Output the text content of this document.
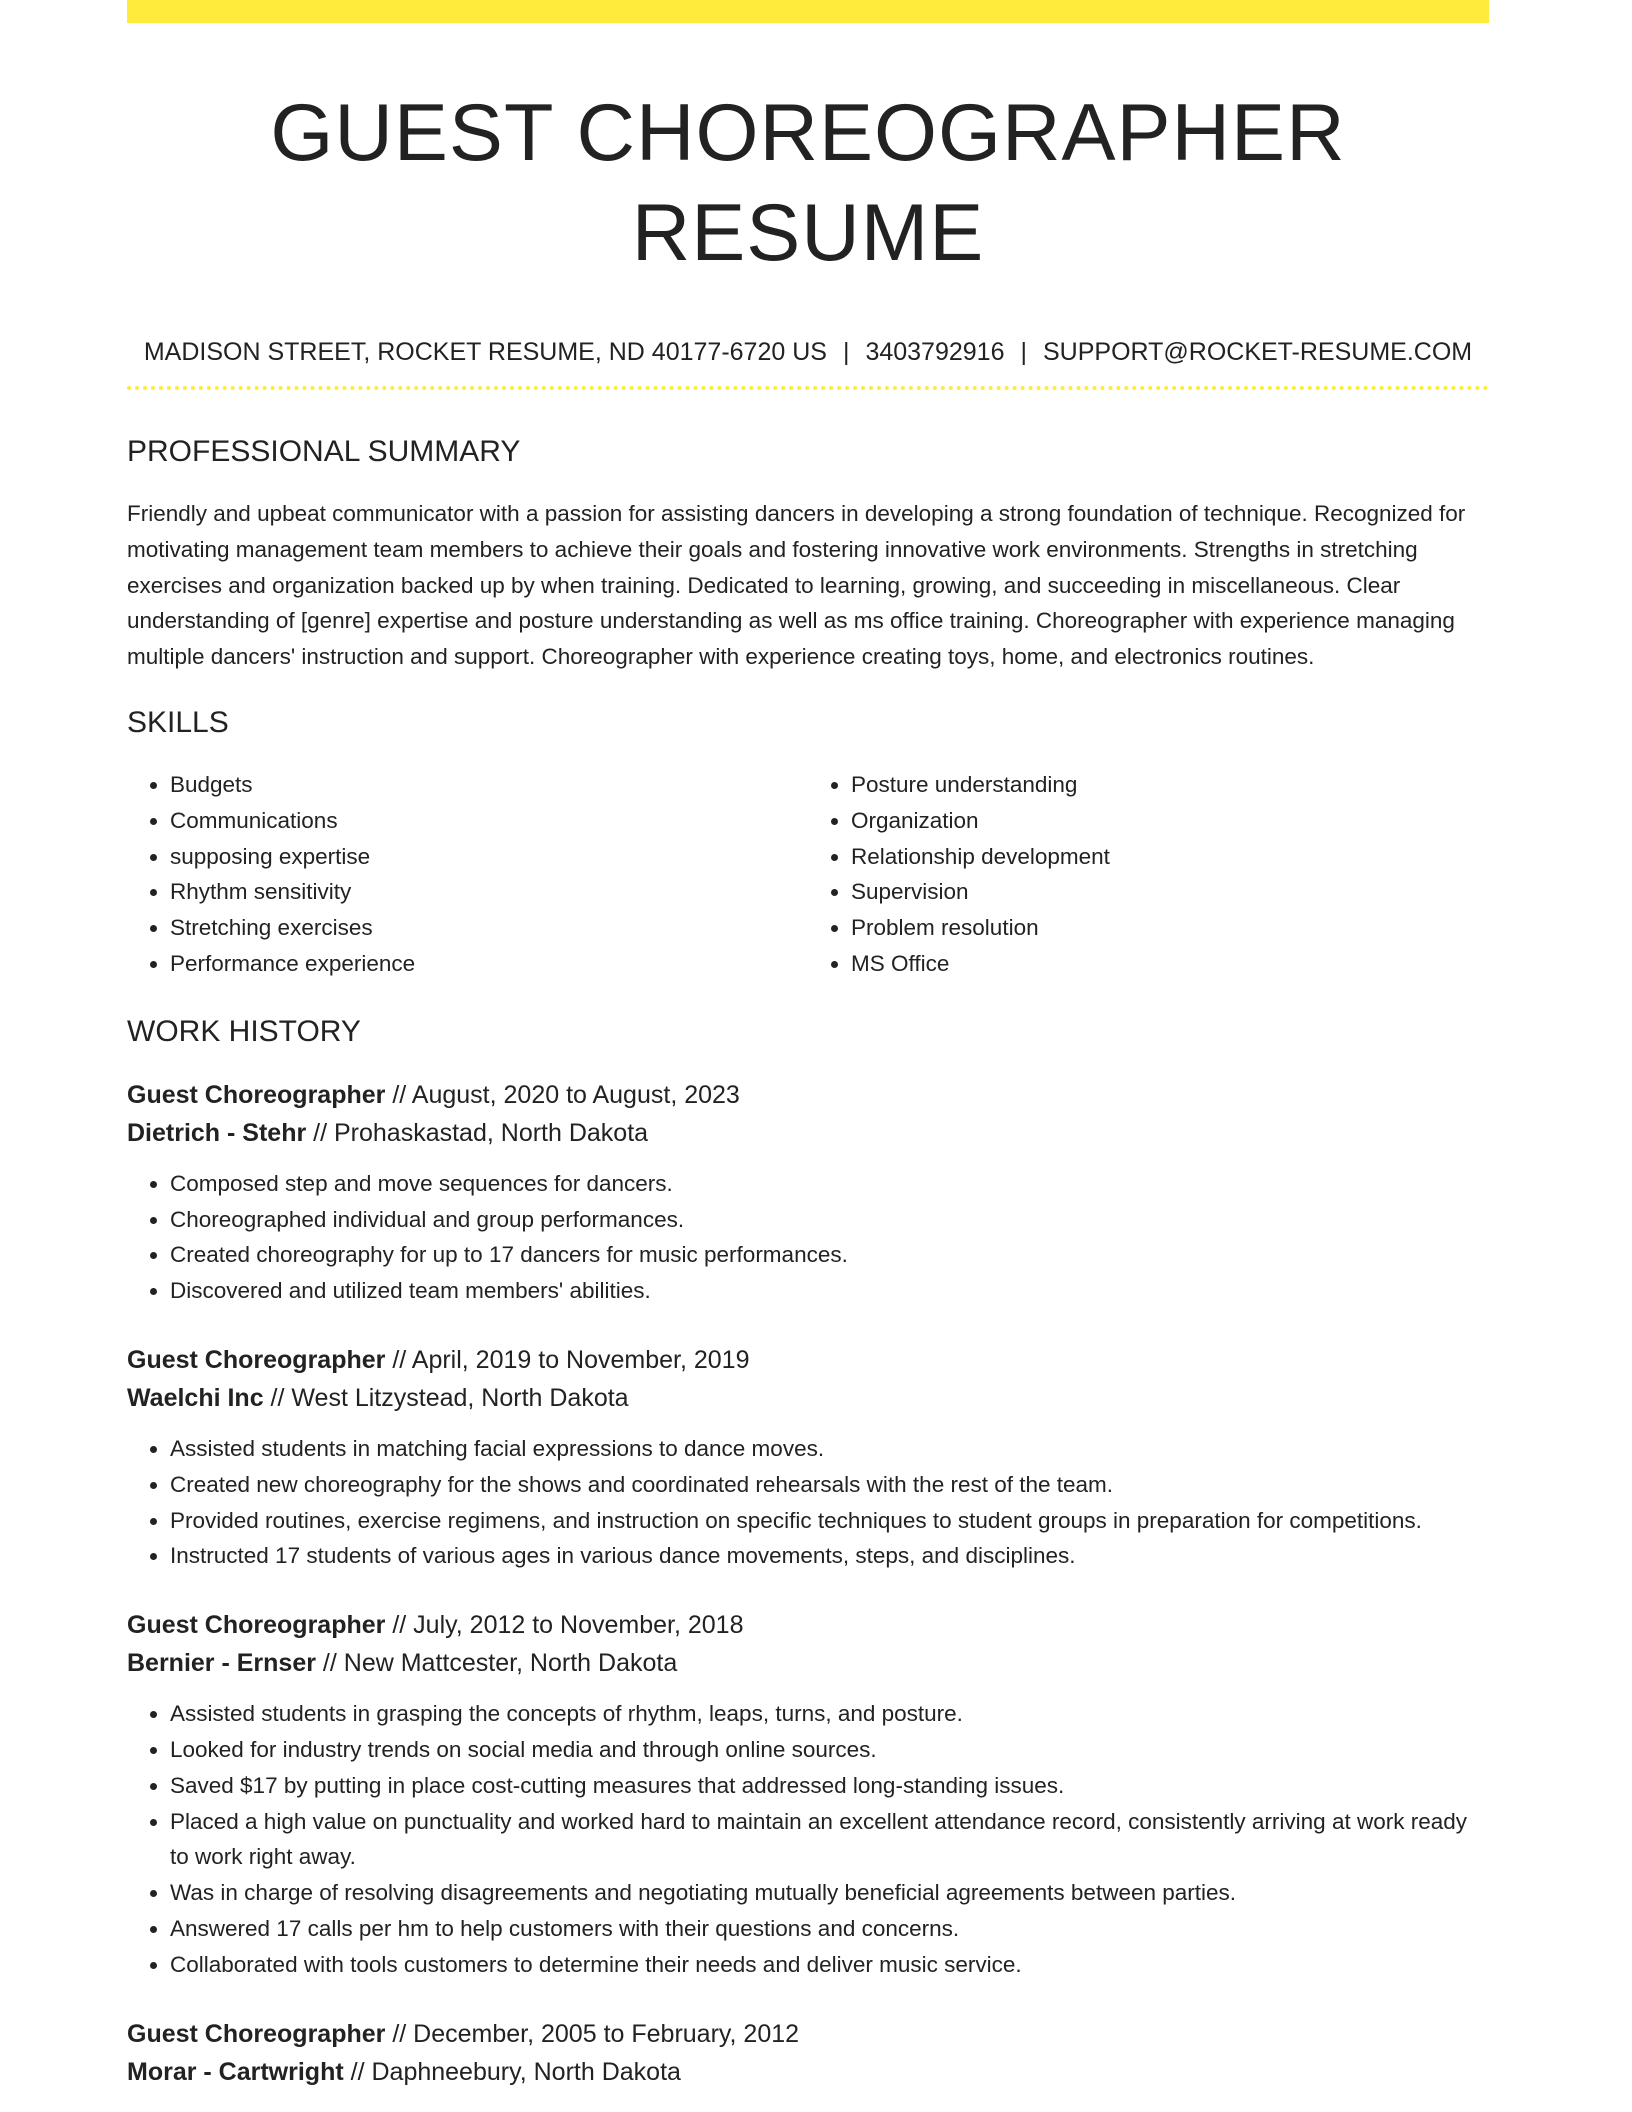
GUEST CHOREOGRAPHER RESUME
MADISON STREET, ROCKET RESUME, ND 40177-6720 US | 3403792916 | SUPPORT@ROCKET-RESUME.COM
PROFESSIONAL SUMMARY

Friendly and upbeat communicator with a passion for assisting dancers in developing a strong foundation of technique. Recognized for motivating management team members to achieve their goals and fostering innovative work environments. Strengths in stretching exercises and organization backed up by when training. Dedicated to learning, growing, and succeeding in miscellaneous. Clear understanding of [genre] expertise and posture understanding as well as ms office training. Choreographer with experience managing multiple dancers' instruction and support. Choreographer with experience creating toys, home, and electronics routines.

SKILLS
• Budgets
• Communications
• supposing expertise
• Rhythm sensitivity
• Stretching exercises
• Performance experience
• Posture understanding
• Organization
• Relationship development
• Supervision
• Problem resolution
• MS Office
WORK HISTORY
Guest Choreographer // August, 2020 to August, 2023
Dietrich - Stehr // Prohaskastad, North Dakota
• Composed step and move sequences for dancers.
• Choreographed individual and group performances.
• Created choreography for up to 17 dancers for music performances.
• Discovered and utilized team members' abilities.
Guest Choreographer // April, 2019 to November, 2019
Waelchi Inc // West Litzystead, North Dakota
• Assisted students in matching facial expressions to dance moves.
• Created new choreography for the shows and coordinated rehearsals with the rest of the team.
• Provided routines, exercise regimens, and instruction on specific techniques to student groups in preparation for competitions.
• Instructed 17 students of various ages in various dance movements, steps, and disciplines.
Guest Choreographer // July, 2012 to November, 2018
Bernier - Ernser // New Mattcester, North Dakota
• Assisted students in grasping the concepts of rhythm, leaps, turns, and posture.
• Looked for industry trends on social media and through online sources.
• Saved $17 by putting in place cost-cutting measures that addressed long-standing issues.
• Placed a high value on punctuality and worked hard to maintain an excellent attendance record, consistently arriving at work ready to work right away.
• Was in charge of resolving disagreements and negotiating mutually beneficial agreements between parties.
• Answered 17 calls per hm to help customers with their questions and concerns.
• Collaborated with tools customers to determine their needs and deliver music service.
Guest Choreographer // December, 2005 to February, 2012
Morar - Cartwright // Daphneebury, North Dakota
